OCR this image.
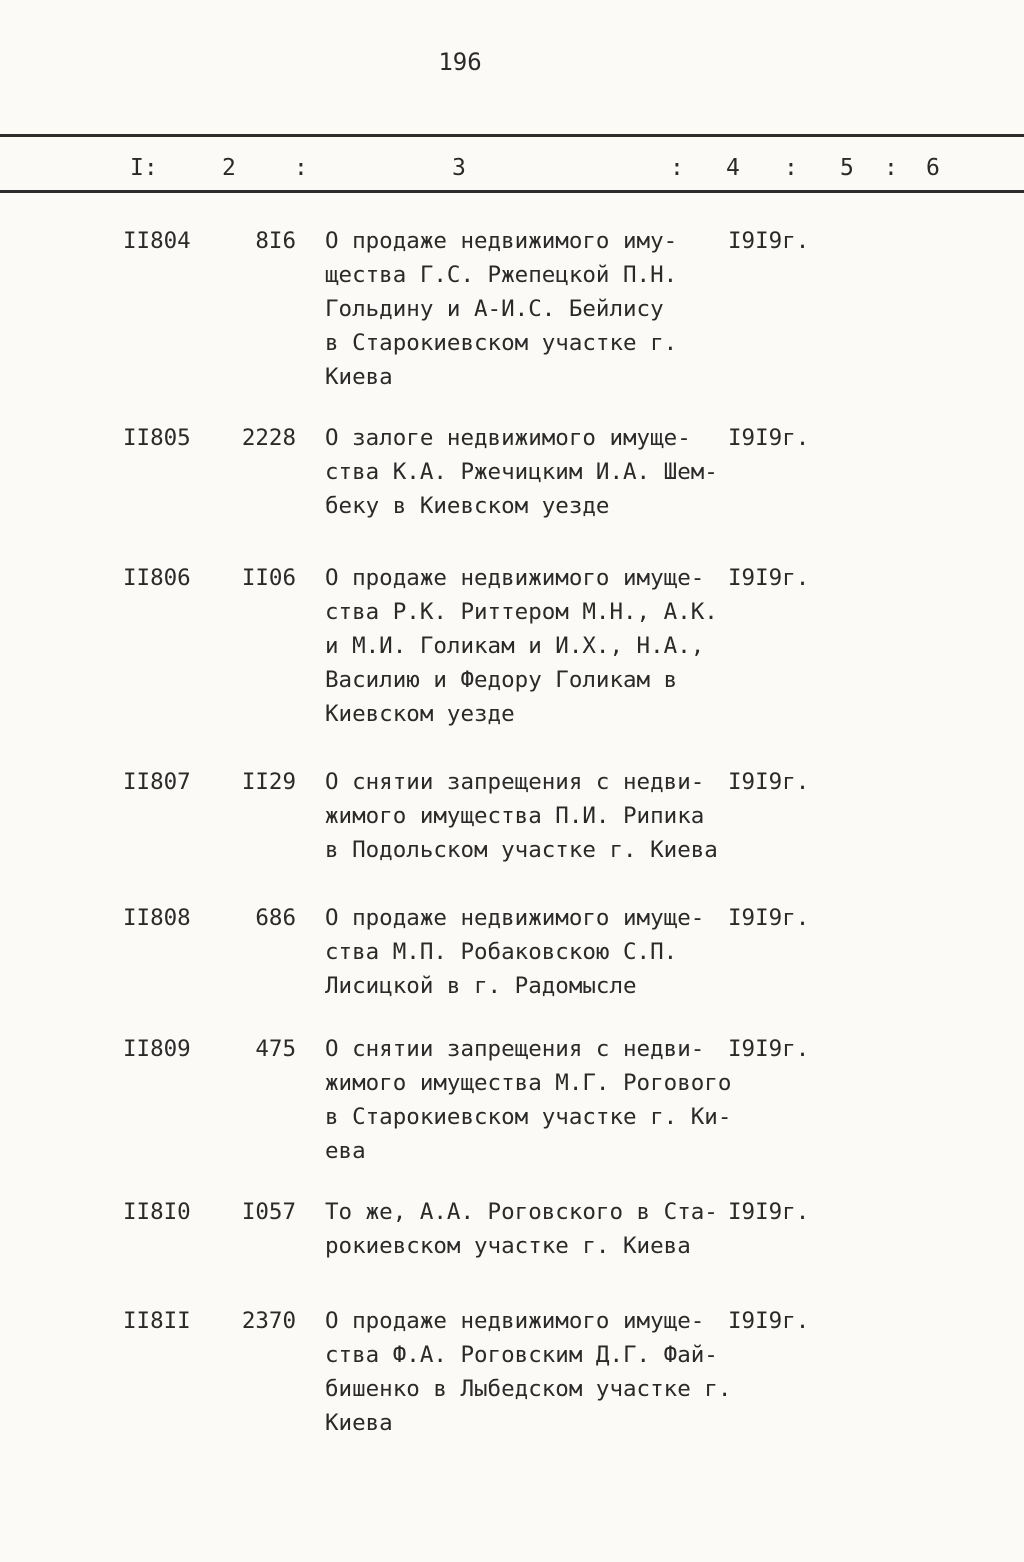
196
I:	2	:	3	: 4 : 5 : 6
II804	8I6 О продаже недвижимого иму-
щества Г.С. Ржепецкой П.Н.
Гольдину и А-И.С. Бейлису
в Старокиевском участке г.
Киева
I9I9г.
II805 2228 О залоге недвижимого имуще-
ства К.А. Ржечицким И.А. Шем-
беку в Киевском уезде
I9I9г.
II806 II06 О продаже недвижимого имуще-
ства Р.К. Риттером М.Н., А.К.
и М.И. Голикам и И.Х., Н.А.,
Василию и Федору Голикам в
Киевском уезде
I9I9г.
II807 II29 О снятии запрещения с недви-
жимого имущества П.И. Рипика
в Подольском участке г. Киева
I9I9г.
II808	686 О продаже недвижимого имуще-
ства М.П. Робаковскою С.П.
Лисицкой в г. Радомысле
I9I9г.
II809	475 О снятии запрещения с недви-
жимого имущества М.Г. Рогового
в Старокиевском участке г. Ки-
ева
I9I9г.
II8I0 I057 То же, А.А. Роговского в Ста-
рокиевском участке г. Киева
I9I9г.
II8II 2370 О продаже недвижимого имуще-
ства Ф.А. Роговским Д.Г. Фай-
бишенко в Лыбедском участке г.
Киева
I9I9г.
